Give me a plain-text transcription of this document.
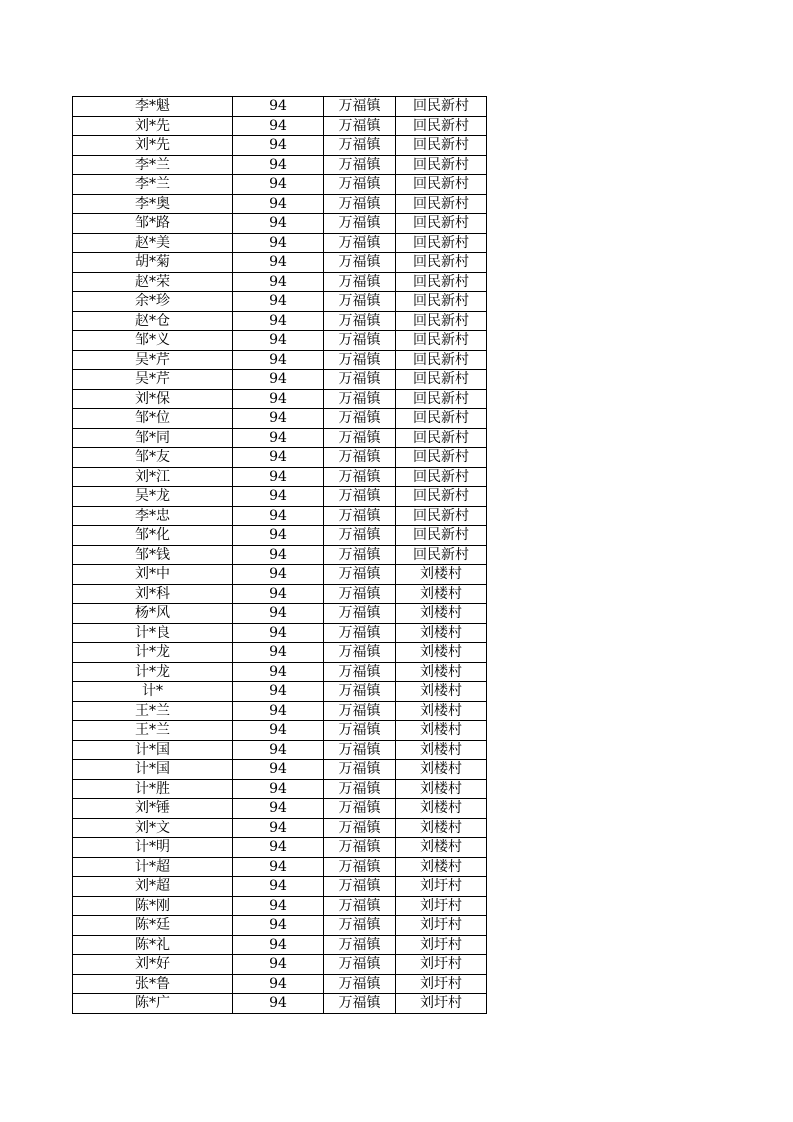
李*魁	94	万福镇	回民新村
刘*先	94	万福镇	回民新村
刘*先	94	万福镇	回民新村
李*兰	94	万福镇	回民新村
李*兰	94	万福镇	回民新村
李*奥	94	万福镇	回民新村
邹*路	94	万福镇	回民新村
赵*美	94	万福镇	回民新村
胡*菊	94	万福镇	回民新村
赵*荣	94	万福镇	回民新村
余*珍	94	万福镇	回民新村
赵*仓	94	万福镇	回民新村
邹*义	94	万福镇	回民新村
吴*芹	94	万福镇	回民新村
吴*芹	94	万福镇	回民新村
刘*保	94	万福镇	回民新村
邹*位	94	万福镇	回民新村
邹*同	94	万福镇	回民新村
邹*友	94	万福镇	回民新村
刘*江	94	万福镇	回民新村
吴*龙	94	万福镇	回民新村
李*忠	94	万福镇	回民新村
邹*化	94	万福镇	回民新村
邹*钱	94	万福镇	回民新村
刘*中	94	万福镇	刘楼村
刘*科	94	万福镇	刘楼村
杨*风	94	万福镇	刘楼村
计*良	94	万福镇	刘楼村
计*龙	94	万福镇	刘楼村
计*龙	94	万福镇	刘楼村
计*	94	万福镇	刘楼村
王*兰	94	万福镇	刘楼村
王*兰	94	万福镇	刘楼村
计*国	94	万福镇	刘楼村
计*国	94	万福镇	刘楼村
计*胜	94	万福镇	刘楼村
刘*锤	94	万福镇	刘楼村
刘*文	94	万福镇	刘楼村
计*明	94	万福镇	刘楼村
计*超	94	万福镇	刘楼村
刘*超	94	万福镇	刘圩村
陈*刚	94	万福镇	刘圩村
陈*廷	94	万福镇	刘圩村
陈*礼	94	万福镇	刘圩村
刘*好	94	万福镇	刘圩村
张*鲁	94	万福镇	刘圩村
陈*广	94	万福镇	刘圩村
